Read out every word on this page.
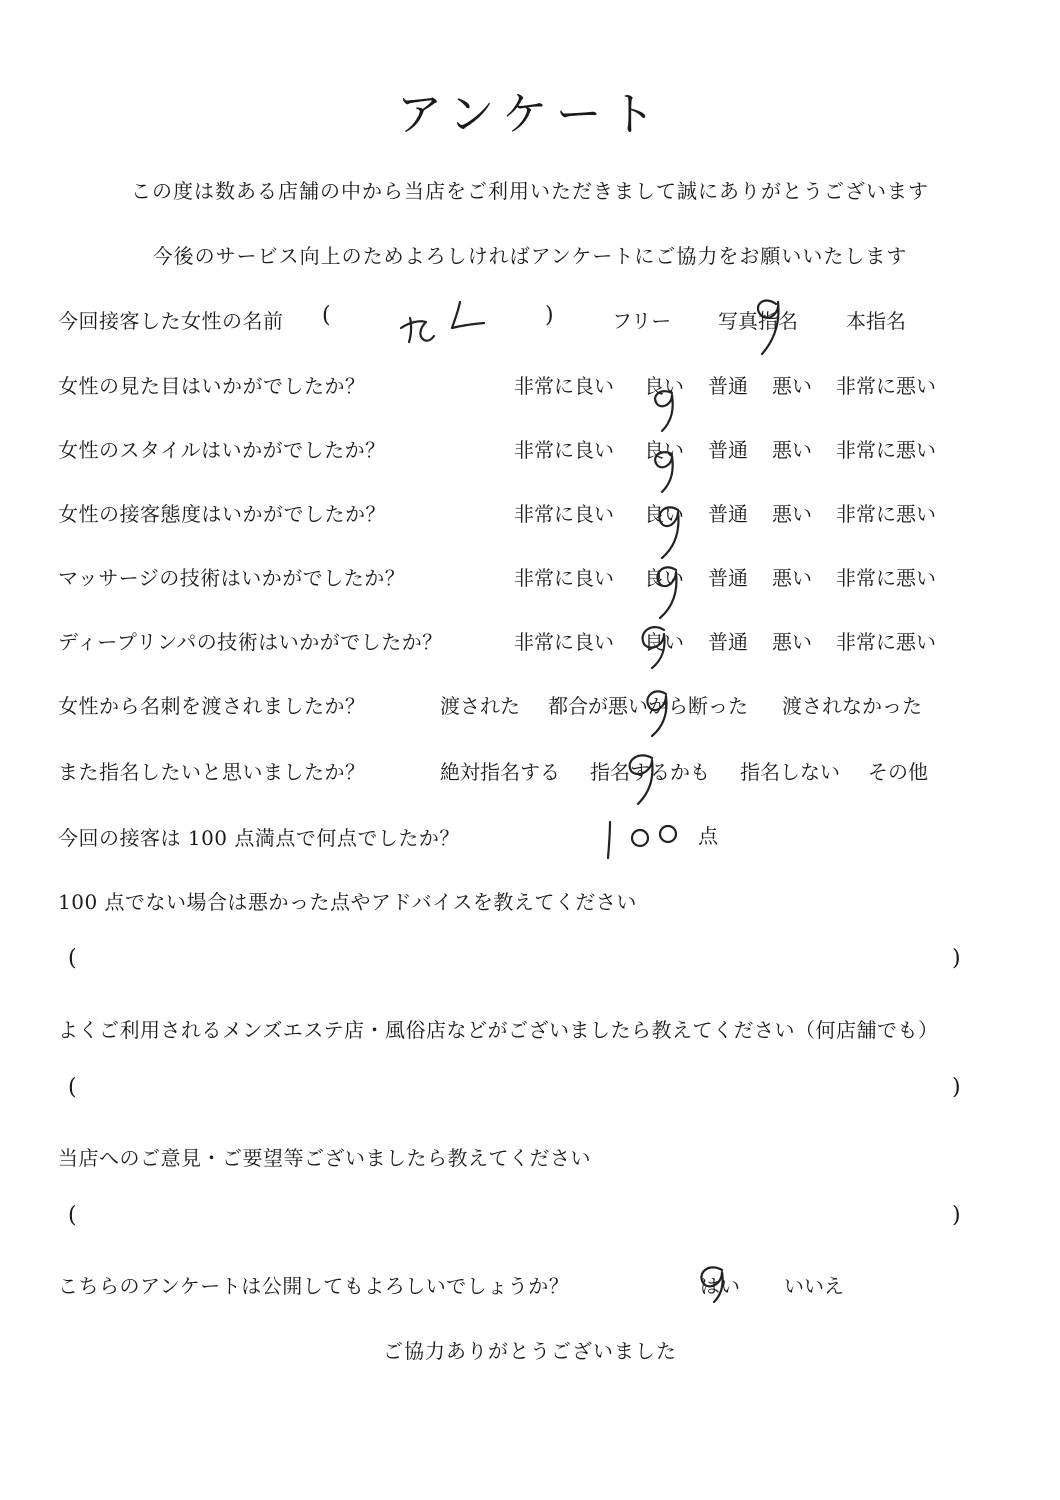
アンケート
この度は数ある店舗の中から当店をご利用いただきまして誠にありがとうございます
今後のサービス向上のためよろしければアンケートにご協力をお願いいたします
今回接客した女性の名前 (	)	フリー 写真指名 本指名
女性の見た目はいかがでしたか？	非常に良い 良い 普通 悪い 非常に悪い
女性のスタイルはいかがでしたか？	非常に良い 良い 普通 悪い 非常に悪い
女性の接客態度はいかがでしたか？	非常に良い 良い 普通 悪い 非常に悪い
マッサージの技術はいかがでしたか？	非常に良い 良い 普通 悪い 非常に悪い
ディープリンパの技術はいかがでしたか？	非常に良い 良い 普通 悪い 非常に悪い
女性から名刺を渡されましたか？	渡された 都合が悪いから断った 渡されなかった
また指名したいと思いましたか？	絶対指名する 指名するかも 指名しない その他
今回の接客は 100 点満点で何点でしたか？	点
100 点でない場合は悪かった点やアドバイスを教えてください
(	)
よくご利用されるメンズエステ店・風俗店などがございましたら教えてください（何店舗でも）
(	)
当店へのご意見・ご要望等ございましたら教えてください
(	)
こちらのアンケートは公開してもよろしいでしょうか？	はい いいえ
ご協力ありがとうございました
